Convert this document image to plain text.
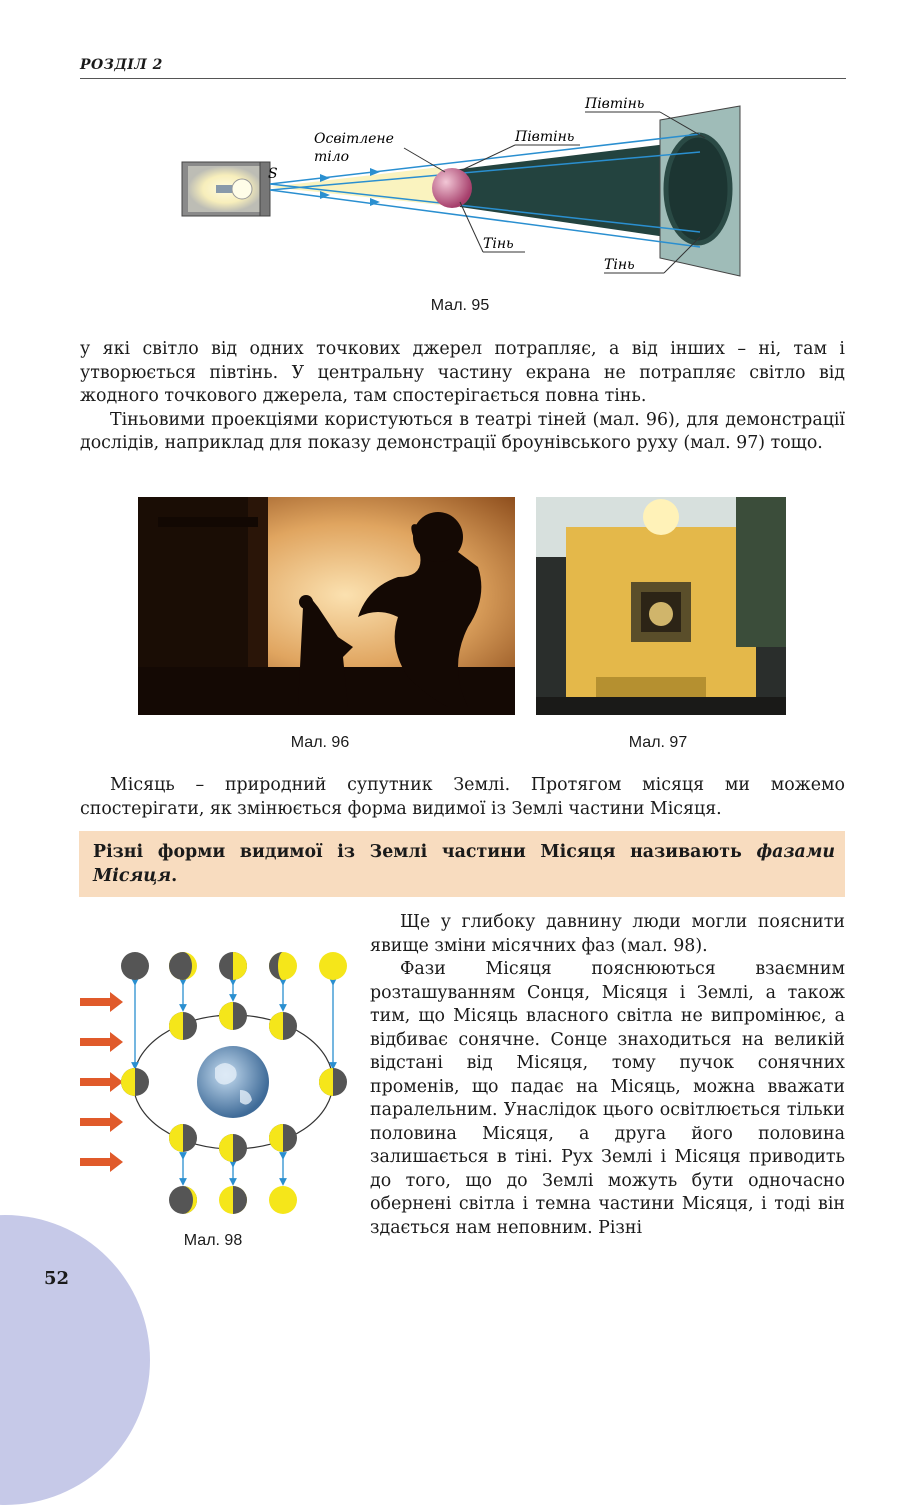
РОЗДІЛ 2
S
Освітлене
тіло
Півтінь
Півтінь
Тінь
Тінь
Мал. 95

у які світло від одних точкових джерел потрапляє, а від інших – ні, там і утворюється півтінь. У центральну частину екрана не потрапляє світло від жодного точкового джерела, там спостерігається повна тінь.

Тіньовими проекціями користуються в театрі тіней (мал. 96), для демонстрації дослідів, наприклад для показу демонстрації броунівського руху (мал. 97) тощо.

Мал. 96	Мал. 97

Місяць – природний супутник Землі. Протягом місяця ми можемо спостерігати, як змінюється форма видимої із Землі частини Місяця.

Різні форми видимої із Землі частини Місяця називають фазами Місяця.
Мал. 98

Ще у глибоку давнину люди могли пояснити явище зміни місячних фаз (мал. 98).

Фази Місяця пояснюються взаємним розташуванням Сонця, Місяця і Землі, а також тим, що Місяць власного світла не випромінює, а відбиває сонячне. Сонце знаходиться на великій відстані від Місяця, тому пучок сонячних променів, що падає на Місяць, можна вважати паралельним. Унаслідок цього освітлюється тільки половина Місяця, а друга його половина залишається в тіні. Рух Землі і Місяця приводить до того, що до Землі можуть бути одночасно обернені світла і темна частини Місяця, і тоді він здається нам неповним. Різні

52
